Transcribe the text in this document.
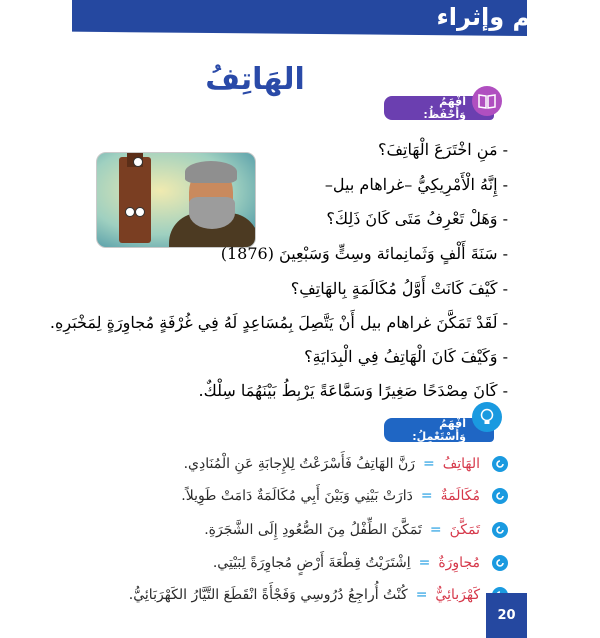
دعم وإثراء
الهَاتِفُ
أَفْهَمُ وَأَحْفَظُ:
- مَنِ اخْتَرَعَ الْهَاتِفَ؟
- إِنَّهُ الْأَمْرِيكِيُّ –غراهام بيل–
- وَهَلْ تَعْرِفُ مَتَى كَانَ ذَلِكَ؟
- سَنَةَ أَلْفٍ وَثَمانِمائة وسِتٍّ وَسَبْعِينَ (1876)
- كَيْفَ كَانَتْ أَوَّلُ مُكَالَمَةٍ بِالهَاتِفِ؟
- لَقَدْ تَمَكَّنَ غراهام بيل أَنْ يَتَّصِلَ بِمُسَاعِدٍ لَهُ فِي غُرْفَةٍ مُجاوِرَةٍ لِمَخْبَرِهِ.
- وَكَيْفَ كَانَ الْهَاتِفُ فِي الْبِدَايَةِ؟
- كَانَ مِصْدَحًا صَغِيرًا وَسَمَّاعَةً يَرْبِطُ بَيْنَهُمَا سِلْكٌ.
أَفْهَمُ وَأَسْتَعْمِلُ:
الهَاتِفُ
=
رَنَّ الهَاتِفُ فَأَسْرَعْتُ لِلإِجابَةِ عَنِ الْمُنَادِي.
مُكَالَمَةٌ
=
دَارَتْ بَيْنِي وَبَيْنَ أَبِي مُكَالَمَةٌ دَامَتْ طَوِيلاً.
تَمَكَّنَ
=
تَمَكَّنَ الطِّفْلُ مِنَ الصُّعُودِ إِلَى الشَّجَرَةِ.
مُجاوِرَةٌ
=
اِشْتَرَيْتُ قِطْعَةَ أَرْضٍ مُجاوِرَةً لِبَيْتِي.
كَهْرَبائِيٌّ
=
كُنْتُ أُراجِعُ دُرُوسِي وَفَجْأَةً انْقَطَعَ التَّيَّارُ الكَهْرَبَائِيُّ.
20
